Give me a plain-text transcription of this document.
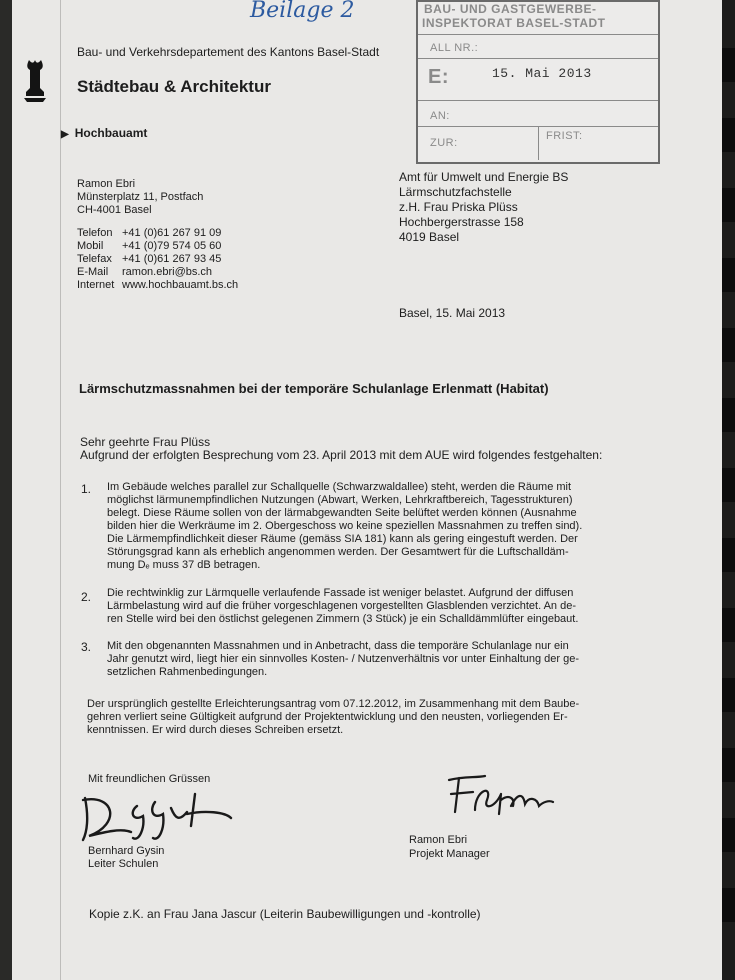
Beilage 2
Bau- und Verkehrsdepartement des Kantons Basel-Stadt
Städtebau & Architektur
▶ Hochbauamt
BAU- UND GASTGEWERBE-
INSPEKTORAT BASEL-STADT
ALL NR.:
E:	15. Mai 2013
AN:
ZUR:
FRIST:
Ramon Ebri
Münsterplatz 11, Postfach
CH-4001 Basel
Telefon +41 (0)61 267 91 09
Mobil +41 (0)79 574 05 60
Telefax +41 (0)61 267 93 45
E-Mail ramon.ebri@bs.ch
Internet www.hochbauamt.bs.ch
Amt für Umwelt und Energie BS
Lärmschutzfachstelle
z.H. Frau Priska Plüss
Hochbergerstrasse 158
4019 Basel
Basel, 15. Mai 2013
Lärmschutzmassnahmen bei der temporäre Schulanlage Erlenmatt (Habitat)
Sehr geehrte Frau Plüss
Aufgrund der erfolgten Besprechung vom 23. April 2013 mit dem AUE wird folgendes festgehalten:
1. Im Gebäude welches parallel zur Schallquelle (Schwarzwaldallee) steht, werden die Räume mit
möglichst lärmunempfindlichen Nutzungen (Abwart, Werken, Lehrkraftbereich, Tagesstrukturen)
belegt. Diese Räume sollen von der lärmabgewandten Seite belüftet werden können (Ausnahme
bilden hier die Werkräume im 2. Obergeschoss wo keine speziellen Massnahmen zu treffen sind).
Die Lärmempfindlichkeit dieser Räume (gemäss SIA 181) kann als gering eingestuft werden. Der
Störungsgrad kann als erheblich angenommen werden. Der Gesamtwert für die Luftschalldäm-
mung Dₑ muss 37 dB betragen.
2. Die rechtwinklig zur Lärmquelle verlaufende Fassade ist weniger belastet. Aufgrund der diffusen
Lärmbelastung wird auf die früher vorgeschlagenen vorgestellten Glasblenden verzichtet. An de-
ren Stelle wird bei den östlichst gelegenen Zimmern (3 Stück) je ein Schalldämmlüfter eingebaut.
3. Mit den obgenannten Massnahmen und in Anbetracht, dass die temporäre Schulanlage nur ein
Jahr genutzt wird, liegt hier ein sinnvolles Kosten- / Nutzenverhältnis vor unter Einhaltung der ge-
setzlichen Rahmenbedingungen.
Der ursprünglich gestellte Erleichterungsantrag vom 07.12.2012, im Zusammenhang mit dem Baube-
gehren verliert seine Gültigkeit aufgrund der Projektentwicklung und den neusten, vorliegenden Er-
kenntnissen. Er wird durch dieses Schreiben ersetzt.
Mit freundlichen Grüssen
Bernhard Gysin
Leiter Schulen
Ramon Ebri
Projekt Manager
Kopie z.K. an Frau Jana Jascur (Leiterin Baubewilligungen und -kontrolle)
